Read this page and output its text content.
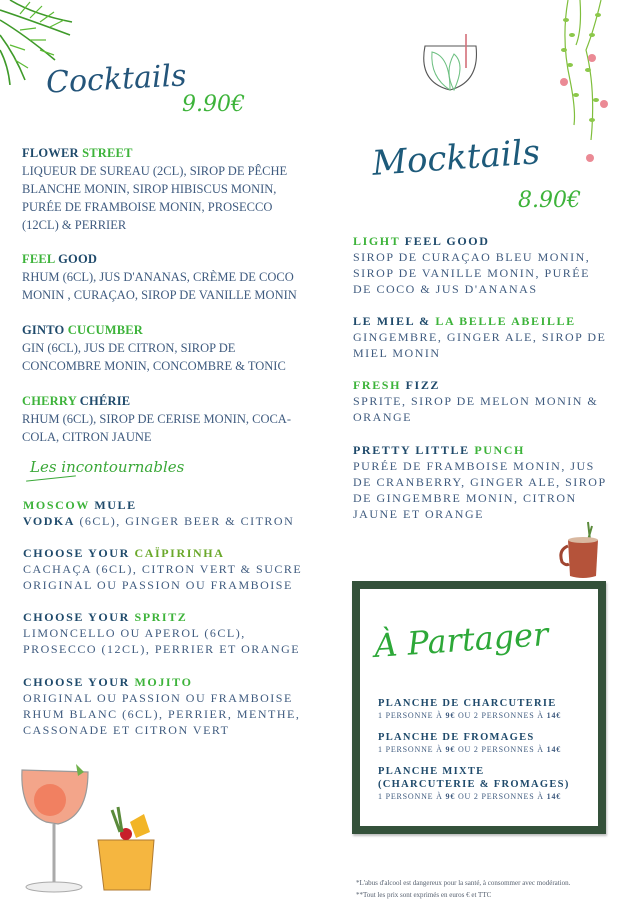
Cocktails
9.90€
FLOWER STREET
LIQUEUR DE SUREAU (2CL), SIROP DE PÊCHE
BLANCHE MONIN, SIROP HIBISCUS MONIN,
PURÉE DE FRAMBOISE MONIN, PROSECCO
(12CL) & PERRIER
FEEL GOOD
RHUM (6CL), JUS D'ANANAS, CRÈME DE COCO
MONIN , CURAÇAO, SIROP DE VANILLE MONIN
GINTO CUCUMBER
GIN (6CL), JUS DE CITRON, SIROP DE
CONCOMBRE MONIN, CONCOMBRE & TONIC
CHERRY CHÉRIE
RHUM (6CL), SIROP DE CERISE MONIN, COCA-
COLA, CITRON JAUNE
Les incontournables
MOSCOW MULE
VODKA (6CL), GINGER BEER & CITRON
CHOOSE YOUR CAÏPIRINHA
CACHAÇA (6CL), CITRON VERT & SUCRE
ORIGINAL OU PASSION OU FRAMBOISE
CHOOSE YOUR SPRITZ
LIMONCELLO OU APEROL (6CL),
PROSECCO (12CL), PERRIER ET ORANGE
CHOOSE YOUR MOJITO
ORIGINAL OU PASSION OU FRAMBOISE
RHUM BLANC (6CL), PERRIER, MENTHE,
CASSONADE ET CITRON VERT
Mocktails
8.90€
LIGHT FEEL GOOD
SIROP DE CURAÇAO BLEU MONIN,
SIROP DE VANILLE MONIN, PURÉE
DE COCO & JUS D'ANANAS
LE MIEL & LA BELLE ABEILLE
GINGEMBRE, GINGER ALE, SIROP DE
MIEL MONIN
FRESH FIZZ
SPRITE, SIROP DE MELON MONIN &
ORANGE
PRETTY LITTLE PUNCH
PURÉE DE FRAMBOISE MONIN, JUS
DE CRANBERRY, GINGER ALE, SIROP
DE GINGEMBRE MONIN, CITRON
JAUNE ET ORANGE
À Partager
PLANCHE DE CHARCUTERIE
1 PERSONNE À 9€ OU 2 PERSONNES À 14€
PLANCHE DE FROMAGES
1 PERSONNE À 9€ OU 2 PERSONNES À 14€
PLANCHE MIXTE
(CHARCUTERIE & FROMAGES)
1 PERSONNE À 9€ OU 2 PERSONNES À 14€
*L'abus d'alcool est dangereux pour la santé, à consommer avec modération.
**Tout les prix sont exprimés en euros € et TTC
